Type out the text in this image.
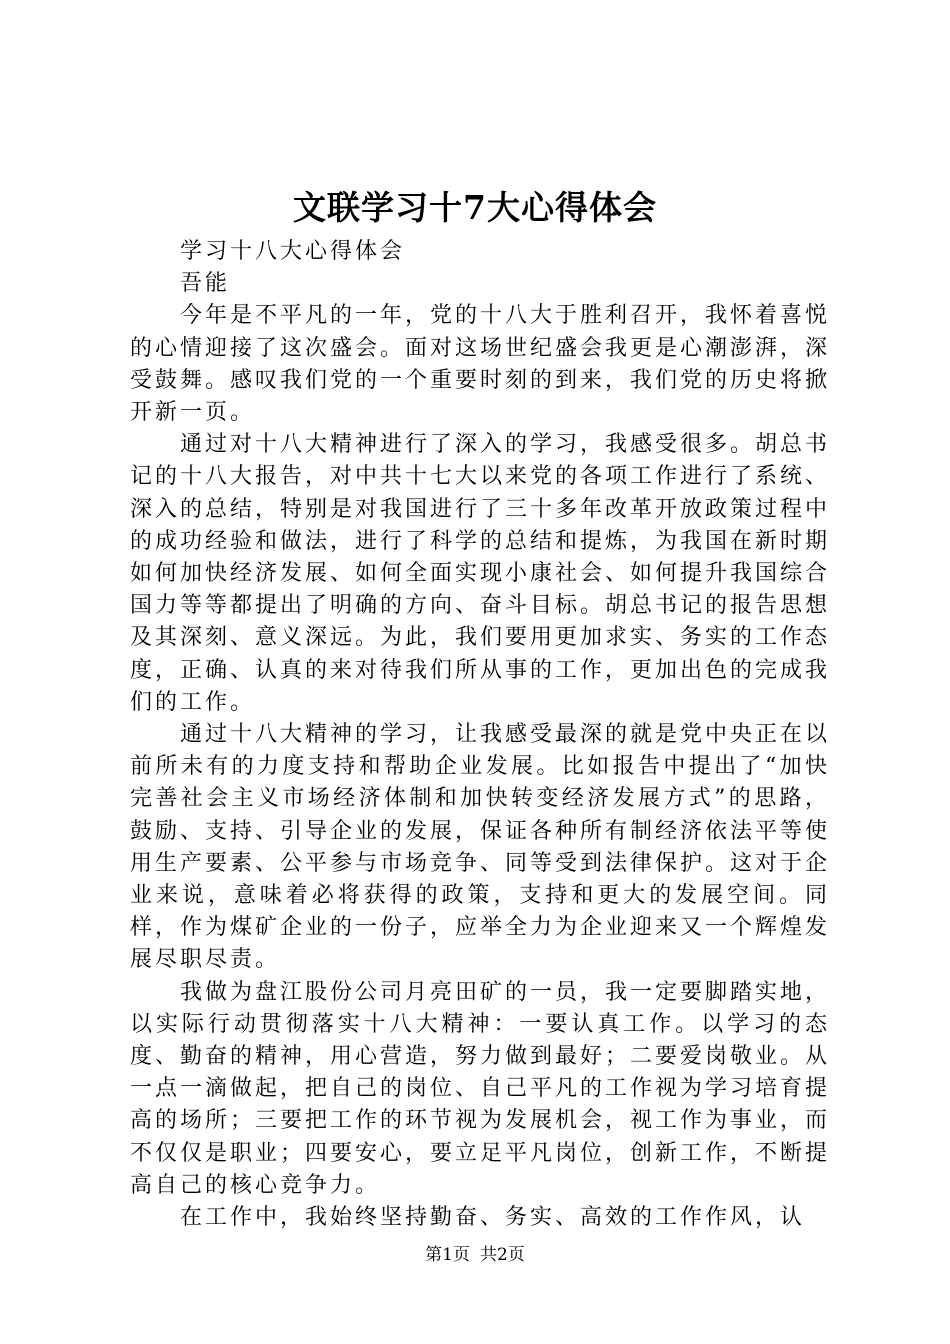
文联学习十7大心得体会

学习十八大心得体会

吾能

今年是不平凡的一年，党的十八大于胜利召开，我怀着喜悦的心情迎接了这次盛会。面对这场世纪盛会我更是心潮澎湃，深受鼓舞。感叹我们党的一个重要时刻的到来，我们党的历史将掀开新一页。

通过对十八大精神进行了深入的学习，我感受很多。胡总书记的十八大报告，对中共十七大以来党的各项工作进行了系统、深入的总结，特别是对我国进行了三十多年改革开放政策过程中的成功经验和做法，进行了科学的总结和提炼，为我国在新时期如何加快经济发展、如何全面实现小康社会、如何提升我国综合国力等等都提出了明确的方向、奋斗目标。胡总书记的报告思想及其深刻、意义深远。为此，我们要用更加求实、务实的工作态度，正确、认真的来对待我们所从事的工作，更加出色的完成我们的工作。

通过十八大精神的学习，让我感受最深的就是党中央正在以前所未有的力度支持和帮助企业发展。比如报告中提出了“加快完善社会主义市场经济体制和加快转变经济发展方式”的思路，鼓励、支持、引导企业的发展，保证各种所有制经济依法平等使用生产要素、公平参与市场竞争、同等受到法律保护。这对于企业来说，意味着必将获得的政策，支持和更大的发展空间。同样，作为煤矿企业的一份子，应举全力为企业迎来又一个辉煌发展尽职尽责。

我做为盘江股份公司月亮田矿的一员，我一定要脚踏实地，以实际行动贯彻落实十八大精神：一要认真工作。以学习的态度、勤奋的精神，用心营造，努力做到最好；二要爱岗敬业。从一点一滴做起，把自己的岗位、自己平凡的工作视为学习培育提高的场所；三要把工作的环节视为发展机会，视工作为事业，而不仅仅是职业；四要安心，要立足平凡岗位，创新工作，不断提高自己的核心竞争力。

在工作中，我始终坚持勤奋、务实、高效的工作作风，认

第1页 共2页
